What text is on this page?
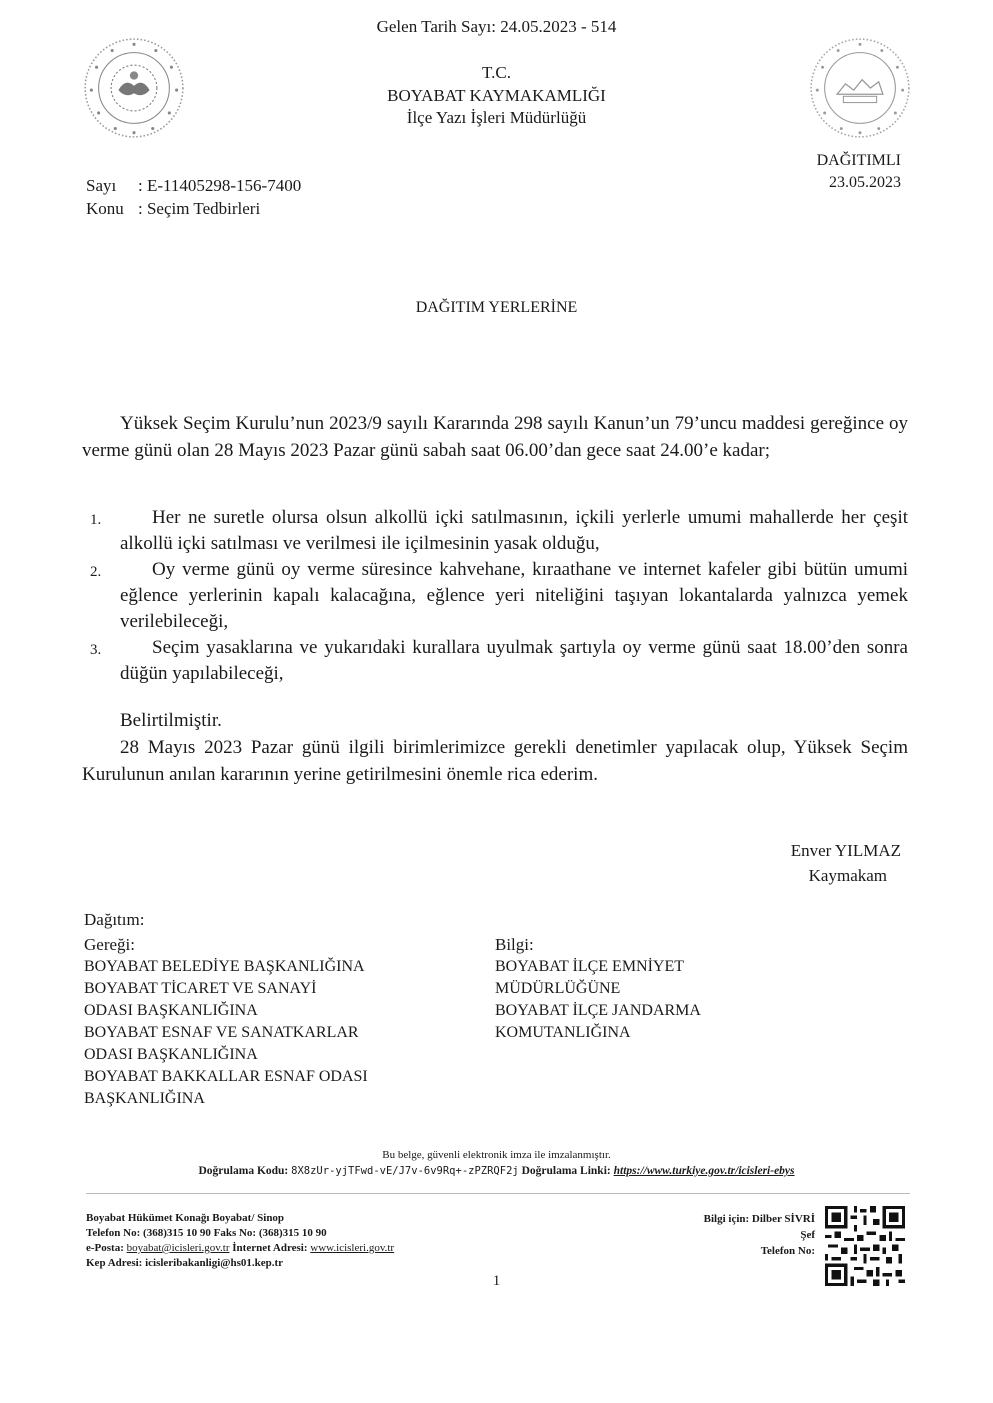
Gelen Tarih Sayı: 24.05.2023 - 514
T.C.
BOYABAT KAYMAKAMLIĞI
İlçe Yazı İşleri Müdürlüğü
DAĞITIMLI
23.05.2023
Sayı : E-11405298-156-7400
Konu : Seçim Tedbirleri
DAĞITIM YERLERİNE
Yüksek Seçim Kurulu’nun 2023/9 sayılı Kararında 298 sayılı Kanun’un 79’uncu maddesi gereğince oy verme günü olan 28 Mayıs 2023 Pazar günü sabah saat 06.00’dan gece saat 24.00’e kadar;
1.	Her ne suretle olursa olsun alkollü içki satılmasının, içkili yerlerle umumi mahallerde her çeşit alkollü içki satılması ve verilmesi ile içilmesinin yasak olduğu,
2.	Oy verme günü oy verme süresince kahvehane, kıraathane ve internet kafeler gibi bütün umumi eğlence yerlerinin kapalı kalacağına, eğlence yeri niteliğini taşıyan lokantalarda yalnızca yemek verilebileceği,
3.	Seçim yasaklarına ve yukarıdaki kurallara uyulmak şartıyla oy verme günü saat 18.00’den sonra düğün yapılabileceği,
Belirtilmiştir.
28 Mayıs 2023 Pazar günü ilgili birimlerimizce gerekli denetimler yapılacak olup, Yüksek Seçim Kurulunun anılan kararının yerine getirilmesini önemle rica ederim.
Enver YILMAZ
Kaymakam
Dağıtım:
Gereği:
BOYABAT BELEDİYE BAŞKANLIĞINA
BOYABAT TİCARET VE SANAYİ
ODASI BAŞKANLIĞINA
BOYABAT ESNAF VE SANATKARLAR
ODASI BAŞKANLIĞINA
BOYABAT BAKKALLAR ESNAF ODASI
BAŞKANLIĞINA
Bilgi:
BOYABAT İLÇE EMNİYET
MÜDÜRLÜĞÜNE
BOYABAT İLÇE JANDARMA
KOMUTANLIĞINA
Bu belge, güvenli elektronik imza ile imzalanmıştır.
Doğrulama Kodu: 8X8zUr-yjTFwd-vE/J7v-6v9Rq+-zPZRQF2j Doğrulama Linki: https://www.turkiye.gov.tr/icisleri-ebys
Boyabat Hükümet Konağı Boyabat/ Sinop
Telefon No: (368)315 10 90 Faks No: (368)315 10 90
e-Posta: boyabat@icisleri.gov.tr İnternet Adresi: www.icisleri.gov.tr
Kep Adresi: icisleribakanligi@hs01.kep.tr
Bilgi için: Dilber SİVRİ
Şef
Telefon No:
1
